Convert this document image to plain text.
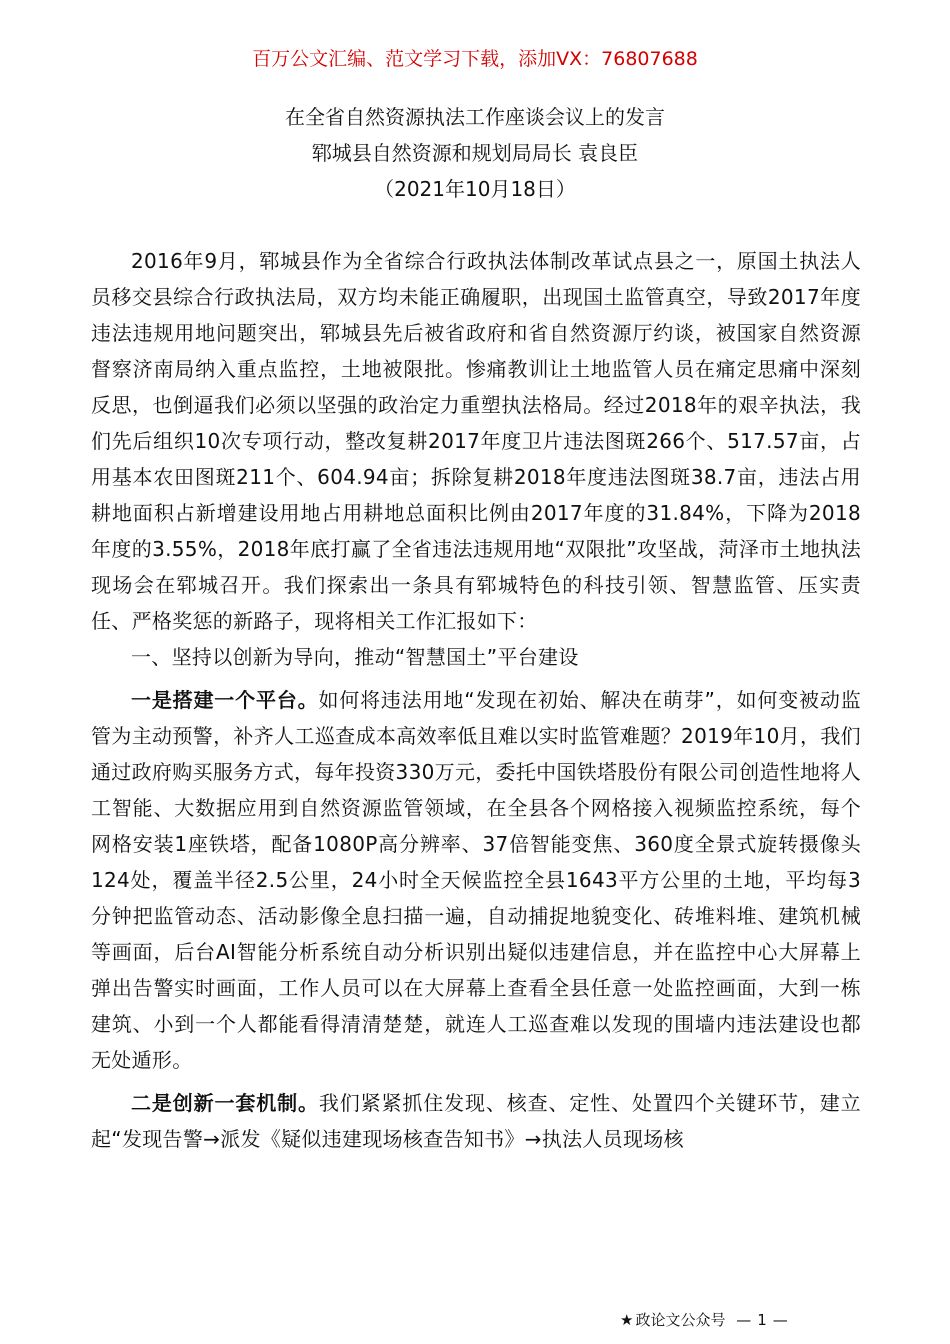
百万公文汇编、范文学习下载，添加VX：76807688
在全省自然资源执法工作座谈会议上的发言
郓城县自然资源和规划局局长 袁良臣
（2021年10月18日）

2016年9月，郓城县作为全省综合行政执法体制改革试点县之一，原国土执法人员移交县综合行政执法局，双方均未能正确履职，出现国土监管真空，导致2017年度违法违规用地问题突出，郓城县先后被省政府和省自然资源厅约谈，被国家自然资源督察济南局纳入重点监控，土地被限批。惨痛教训让土地监管人员在痛定思痛中深刻反思，也倒逼我们必须以坚强的政治定力重塑执法格局。经过2018年的艰辛执法，我们先后组织10次专项行动，整改复耕2017年度卫片违法图斑266个、517.57亩，占用基本农田图斑211个、604.94亩；拆除复耕2018年度违法图斑38.7亩，违法占用耕地面积占新增建设用地占用耕地总面积比例由2017年度的31.84%，下降为2018年度的3.55%，2018年底打赢了全省违法违规用地“双限批”攻坚战，菏泽市土地执法现场会在郓城召开。我们探索出一条具有郓城特色的科技引领、智慧监管、压实责任、严格奖惩的新路子，现将相关工作汇报如下：

一、坚持以创新为导向，推动“智慧国土”平台建设

一是搭建一个平台。如何将违法用地“发现在初始、解决在萌芽”，如何变被动监管为主动预警，补齐人工巡查成本高效率低且难以实时监管难题？2019年10月，我们通过政府购买服务方式，每年投资330万元，委托中国铁塔股份有限公司创造性地将人工智能、大数据应用到自然资源监管领域，在全县各个网格接入视频监控系统，每个网格安装1座铁塔，配备1080P高分辨率、37倍智能变焦、360度全景式旋转摄像头124处，覆盖半径2.5公里，24小时全天候监控全县1643平方公里的土地，平均每3分钟把监管动态、活动影像全息扫描一遍，自动捕捉地貌变化、砖堆料堆、建筑机械等画面，后台AI智能分析系统自动分析识别出疑似违建信息，并在监控中心大屏幕上弹出告警实时画面，工作人员可以在大屏幕上查看全县任意一处监控画面，大到一栋建筑、小到一个人都能看得清清楚楚，就连人工巡查难以发现的围墙内违法建设也都无处遁形。

二是创新一套机制。我们紧紧抓住发现、核查、定性、处置四个关键环节，建立起“发现告警→派发《疑似违建现场核查告知书》→执法人员现场核

★ 政论文公众号 — 1 —
